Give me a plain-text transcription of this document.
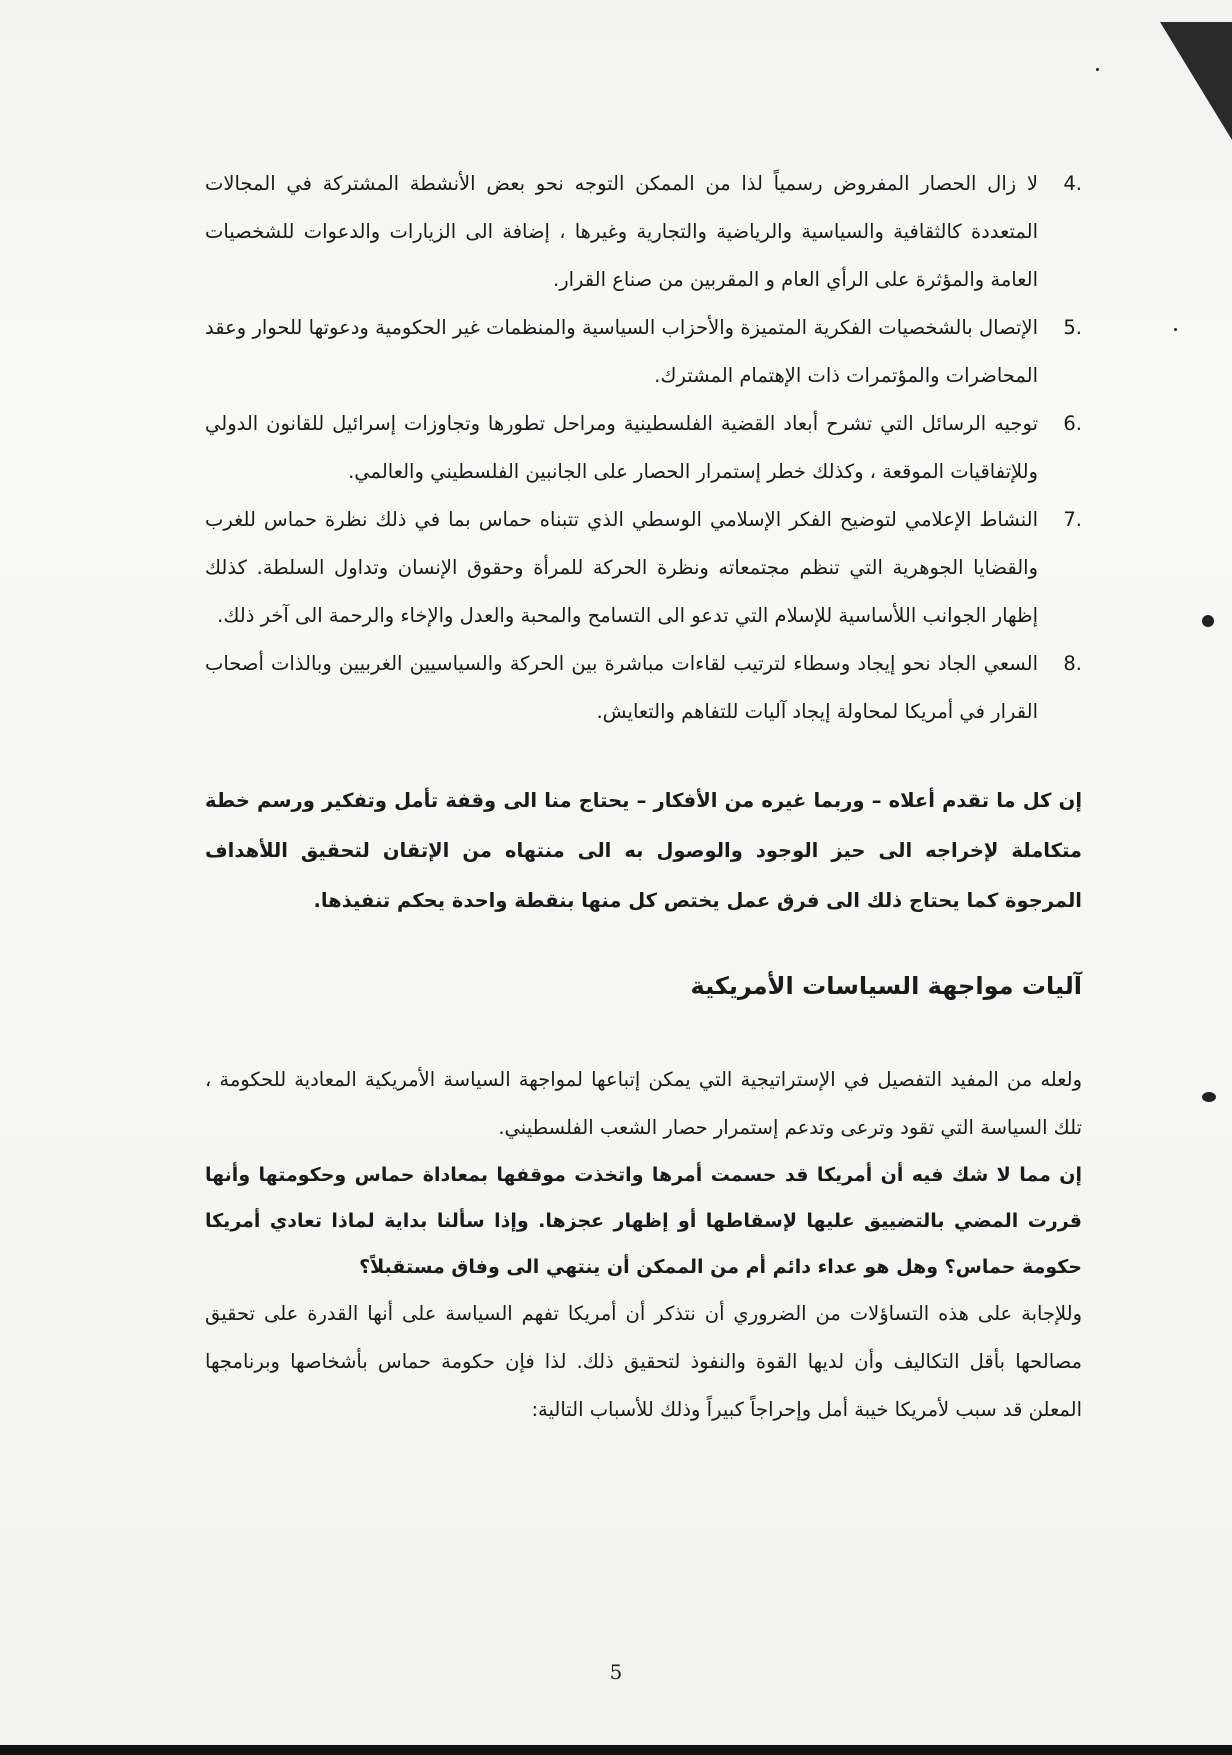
4.
لا زال الحصار المفروض رسمياً لذا من الممكن التوجه نحو بعض الأنشطة المشتركة في المجالات المتعددة كالثقافية والسياسية والرياضية والتجارية وغيرها ، إضافة الى الزيارات والدعوات للشخصيات العامة والمؤثرة على الرأي العام و المقربين من صناع القرار.
5.
الإتصال بالشخصيات الفكرية المتميزة والأحزاب السياسية والمنظمات غير الحكومية ودعوتها للحوار وعقد المحاضرات والمؤتمرات ذات الإهتمام المشترك.
6.
توجيه الرسائل التي تشرح أبعاد القضية الفلسطينية ومراحل تطورها وتجاوزات إسرائيل للقانون الدولي وللإتفاقيات الموقعة ، وكذلك خطر إستمرار الحصار على الجانبين الفلسطيني والعالمي.
7.
النشاط الإعلامي لتوضيح الفكر الإسلامي الوسطي الذي تتبناه حماس بما في ذلك نظرة حماس للغرب والقضايا الجوهرية التي تنظم مجتمعاته ونظرة الحركة للمرأة وحقوق الإنسان وتداول السلطة. كذلك إظهار الجوانب اللأساسية للإسلام التي تدعو الى التسامح والمحبة والعدل والإخاء والرحمة الى آخر ذلك.
8.
السعي الجاد نحو إيجاد وسطاء لترتيب لقاءات مباشرة بين الحركة والسياسيين الغربيين وبالذات أصحاب القرار في أمريكا لمحاولة إيجاد آليات للتفاهم والتعايش.

إن كل ما تقدم أعلاه – وربما غيره من الأفكار – يحتاج منا الى وقفة تأمل وتفكير ورسم خطة متكاملة لإخراجه الى حيز الوجود والوصول به الى منتهاه من الإتقان لتحقيق اللأهداف المرجوة كما يحتاج ذلك الى فرق عمل يختص كل منها بنقطة واحدة يحكم تنفيذها.

آليات مواجهة السياسات الأمريكية

ولعله من المفيد التفصيل في الإستراتيجية التي يمكن إتباعها لمواجهة السياسة الأمريكية المعادية للحكومة ، تلك السياسة التي تقود وترعى وتدعم إستمرار حصار الشعب الفلسطيني.

إن مما لا شك فيه أن أمريكا قد حسمت أمرها واتخذت موقفها بمعاداة حماس وحكومتها وأنها قررت المضي بالتضييق عليها لإسقاطها أو إظهار عجزها. وإذا سألنا بداية لماذا تعادي أمريكا حكومة حماس؟ وهل هو عداء دائم أم من الممكن أن ينتهي الى وفاق مستقبلاً؟

وللإجابة على هذه التساؤلات من الضروري أن نتذكر أن أمريكا تفهم السياسة على أنها القدرة على تحقيق مصالحها بأقل التكاليف وأن لديها القوة والنفوذ لتحقيق ذلك. لذا فإن حكومة حماس بأشخاصها وبرنامجها المعلن قد سبب لأمريكا خيبة أمل وإحراجاً كبيراً وذلك للأسباب التالية:

5
